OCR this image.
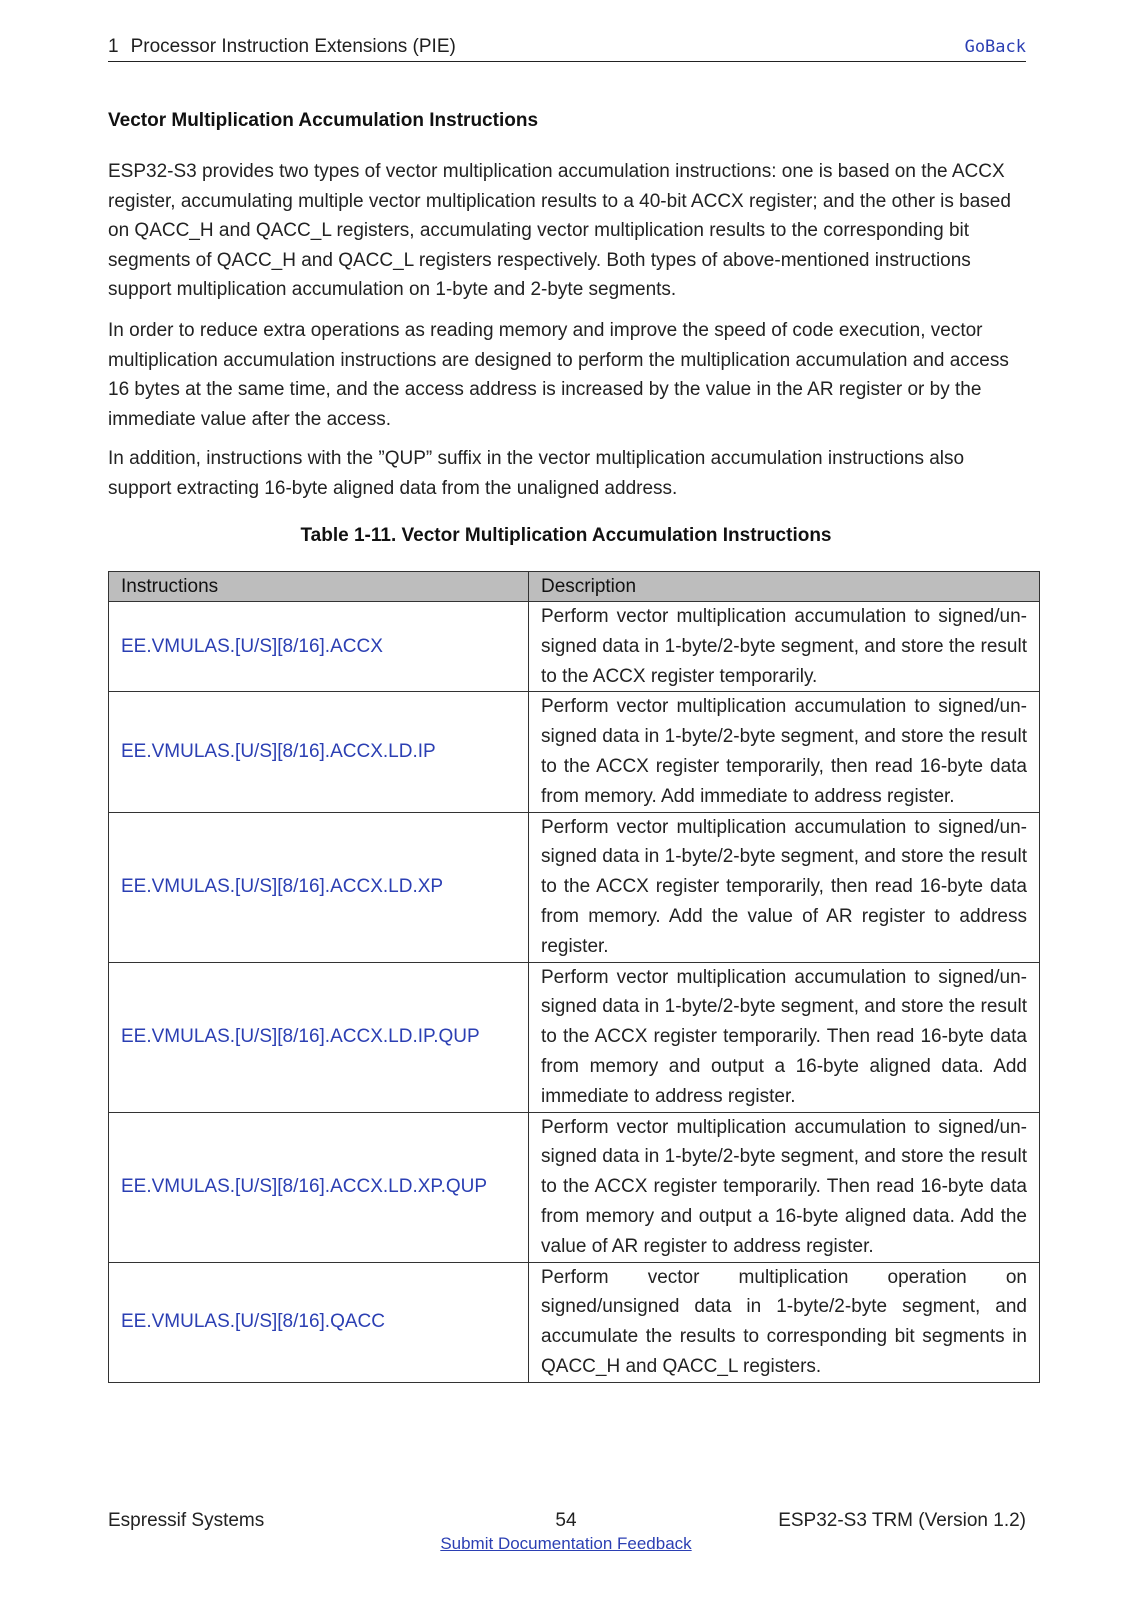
1 Processor Instruction Extensions (PIE)	GoBack
Vector Multiplication Accumulation Instructions

ESP32-S3 provides two types of vector multiplication accumulation instructions: one is based on the ACCX register, accumulating multiple vector multiplication results to a 40-bit ACCX register; and the other is based on QACC_H and QACC_L registers, accumulating vector multiplication results to the corresponding bit segments of QACC_H and QACC_L registers respectively. Both types of above-mentioned instructions support multiplication accumulation on 1-byte and 2-byte segments.

In order to reduce extra operations as reading memory and improve the speed of code execution, vector multiplication accumulation instructions are designed to perform the multiplication accumulation and access 16 bytes at the same time, and the access address is increased by the value in the AR register or by the immediate value after the access.

In addition, instructions with the ”QUP” suffix in the vector multiplication accumulation instructions also support extracting 16-byte aligned data from the unaligned address.

Table 1-11. Vector Multiplication Accumulation Instructions
Instructions	Description
EE.VMULAS.[U/S][8/16].ACCX	Perform vector multiplication accumulation to signed/unsigned data in 1-byte/2-byte segment, and store the result to the ACCX register temporarily.
EE.VMULAS.[U/S][8/16].ACCX.LD.IP	Perform vector multiplication accumulation to signed/unsigned data in 1-byte/2-byte segment, and store the result to the ACCX register temporarily, then read 16-byte data from memory. Add immediate to address register.
EE.VMULAS.[U/S][8/16].ACCX.LD.XP	Perform vector multiplication accumulation to signed/unsigned data in 1-byte/2-byte segment, and store the result to the ACCX register temporarily, then read 16-byte data from memory. Add the value of AR register to address register.
EE.VMULAS.[U/S][8/16].ACCX.LD.IP.QUP	Perform vector multiplication accumulation to signed/unsigned data in 1-byte/2-byte segment, and store the result to the ACCX register temporarily. Then read 16-byte data from memory and output a 16-byte aligned data. Add immediate to address register.
EE.VMULAS.[U/S][8/16].ACCX.LD.XP.QUP	Perform vector multiplication accumulation to signed/unsigned data in 1-byte/2-byte segment, and store the result to the ACCX register temporarily. Then read 16-byte data from memory and output a 16-byte aligned data. Add the value of AR register to address register.
EE.VMULAS.[U/S][8/16].QACC	Perform vector multiplication operation on signed/unsigned data in 1-byte/2-byte segment, and accumulate the results to corresponding bit segments in QACC_H and QACC_L registers.
Espressif Systems	54	ESP32-S3 TRM (Version 1.2)
Submit Documentation Feedback
